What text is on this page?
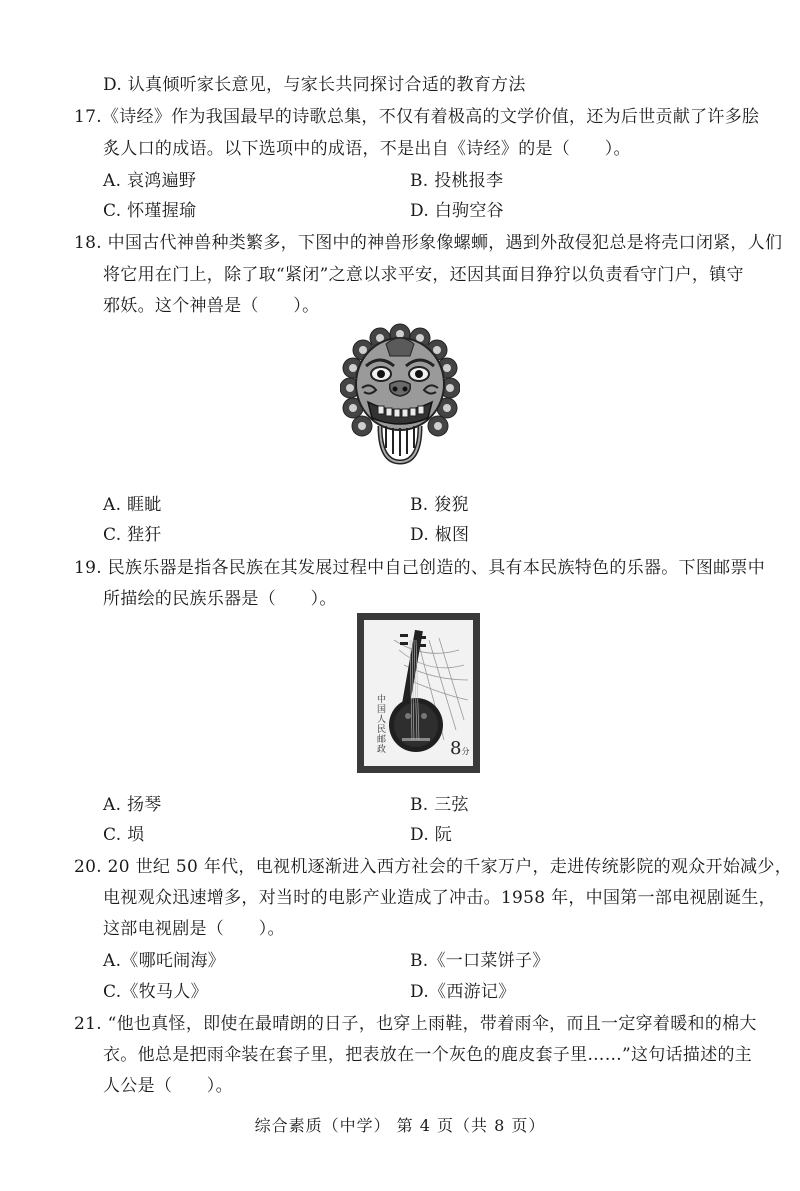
D. 认真倾听家长意见，与家长共同探讨合适的教育方法
17.《诗经》作为我国最早的诗歌总集，不仅有着极高的文学价值，还为后世贡献了许多脍
炙人口的成语。以下选项中的成语，不是出自《诗经》的是（　　）。
A. 哀鸿遍野	B. 投桃报李
C. 怀瑾握瑜	D. 白驹空谷
18. 中国古代神兽种类繁多，下图中的神兽形象像螺蛳，遇到外敌侵犯总是将壳口闭紧，人们
将它用在门上，除了取“紧闭”之意以求平安，还因其面目狰狞以负责看守门户，镇守
邪妖。这个神兽是（　　）。
A. 睚眦	B. 狻猊
C. 狴犴	D. 椒图
19. 民族乐器是指各民族在其发展过程中自己创造的、具有本民族特色的乐器。下图邮票中
所描绘的民族乐器是（　　）。
中国人民邮政	8分
A. 扬琴	B. 三弦
C. 埙	D. 阮
20. 20 世纪 50 年代，电视机逐渐进入西方社会的千家万户，走进传统影院的观众开始减少，
电视观众迅速增多，对当时的电影产业造成了冲击。1958 年，中国第一部电视剧诞生，
这部电视剧是（　　）。
A.《哪吒闹海》	B.《一口菜饼子》
C.《牧马人》	D.《西游记》
21. “他也真怪，即使在最晴朗的日子，也穿上雨鞋，带着雨伞，而且一定穿着暖和的棉大
衣。他总是把雨伞装在套子里，把表放在一个灰色的鹿皮套子里……”这句话描述的主
人公是（　　）。
综合素质（中学） 第 4 页（共 8 页）
